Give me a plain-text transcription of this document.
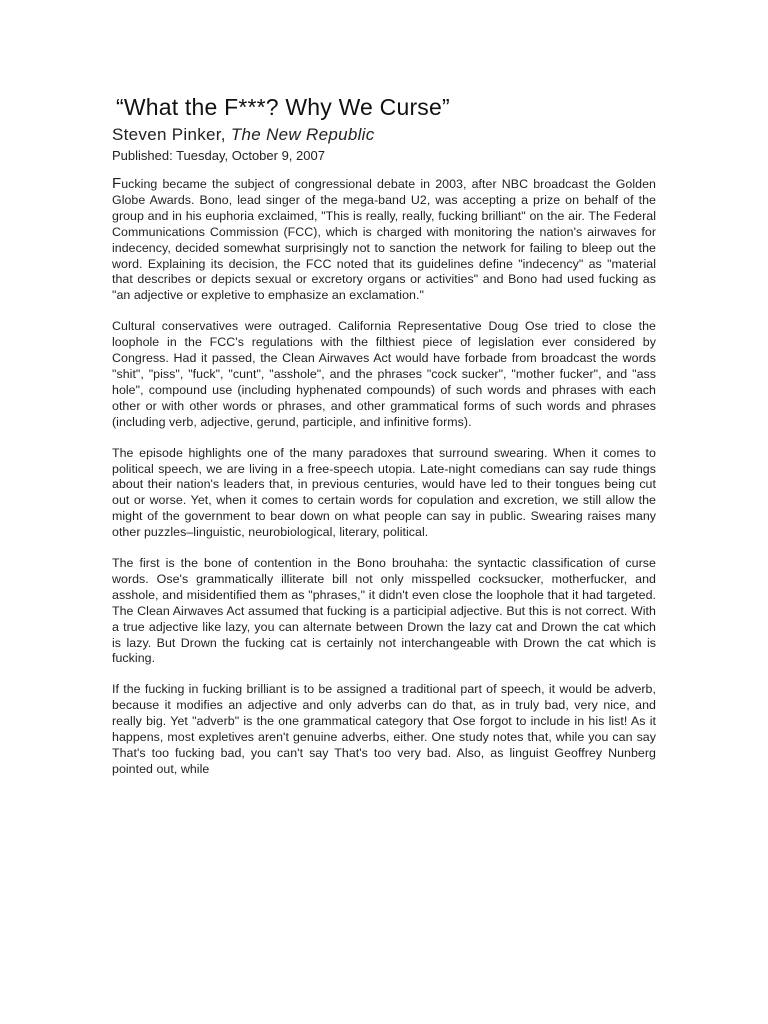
“What the F***? Why We Curse”
Steven Pinker, The New Republic
Published: Tuesday, October 9, 2007

Fucking became the subject of congressional debate in 2003, after NBC broadcast the Golden Globe Awards. Bono, lead singer of the mega-band U2, was accepting a prize on behalf of the group and in his euphoria exclaimed, "This is really, really, fucking brilliant" on the air. The Federal Communications Commission (FCC), which is charged with monitoring the nation's airwaves for indecency, decided somewhat surprisingly not to sanction the network for failing to bleep out the word. Explaining its decision, the FCC noted that its guidelines define "indecency" as "material that describes or depicts sexual or excretory organs or activities" and Bono had used fucking as "an adjective or expletive to emphasize an exclamation."

Cultural conservatives were outraged. California Representative Doug Ose tried to close the loophole in the FCC's regulations with the filthiest piece of legislation ever considered by Congress. Had it passed, the Clean Airwaves Act would have forbade from broadcast the words "shit", "piss", "fuck", "cunt", "asshole", and the phrases "cock sucker", "mother fucker", and "ass hole", compound use (including hyphenated compounds) of such words and phrases with each other or with other words or phrases, and other grammatical forms of such words and phrases (including verb, adjective, gerund, participle, and infinitive forms).

The episode highlights one of the many paradoxes that surround swearing. When it comes to political speech, we are living in a free-speech utopia. Late-night comedians can say rude things about their nation's leaders that, in previous centuries, would have led to their tongues being cut out or worse. Yet, when it comes to certain words for copulation and excretion, we still allow the might of the government to bear down on what people can say in public. Swearing raises many other puzzles–linguistic, neurobiological, literary, political.

The first is the bone of contention in the Bono brouhaha: the syntactic classification of curse words. Ose's grammatically illiterate bill not only misspelled cocksucker, motherfucker, and asshole, and misidentified them as "phrases," it didn't even close the loophole that it had targeted. The Clean Airwaves Act assumed that fucking is a participial adjective. But this is not correct. With a true adjective like lazy, you can alternate between Drown the lazy cat and Drown the cat which is lazy. But Drown the fucking cat is certainly not interchangeable with Drown the cat which is fucking.

If the fucking in fucking brilliant is to be assigned a traditional part of speech, it would be adverb, because it modifies an adjective and only adverbs can do that, as in truly bad, very nice, and really big. Yet "adverb" is the one grammatical category that Ose forgot to include in his list! As it happens, most expletives aren't genuine adverbs, either. One study notes that, while you can say That's too fucking bad, you can't say That's too very bad. Also, as linguist Geoffrey Nunberg pointed out, while
